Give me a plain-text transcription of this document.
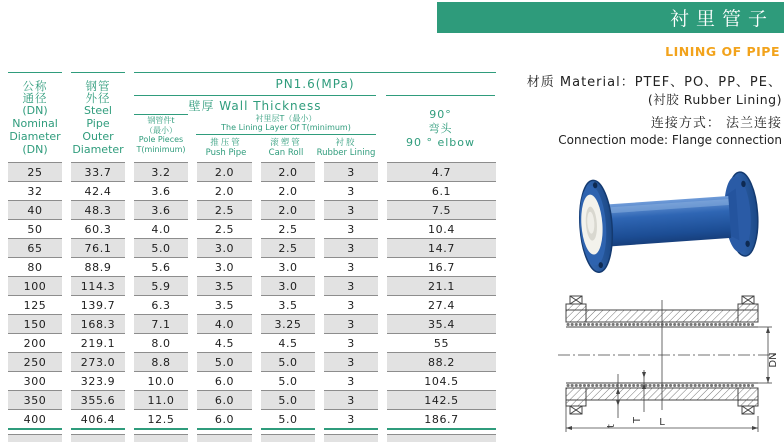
衬里管子
LINING OF PIPE
材质 Material：PTEF、PO、PP、PE、
(衬胶 Rubber Lining)
连接方式： 法兰连接
Connection mode: Flange connection
公称
通径
(DN)
Nominal
Diameter
(DN)
钢管
外径
Steel Pipe
Outer
Diameter
PN1.6(MPa)
壁厚 Wall Thickness
钢管件t
（最小）
Pole Pieces
T(minimum)
衬里层T（最小）
The Lining Layer Of T(minimum)
推压管
Push Pipe
滚塑管
Can Roll
衬胶
Rubber Lining
90°
弯头
90 ° elbow
25	33.7	3.2	2.0	2.0	3	4.7
32	42.4	3.6	2.0	2.0	3	6.1
40	48.3	3.6	2.5	2.0	3	7.5
50	60.3	4.0	2.5	2.5	3	10.4
65	76.1	5.0	3.0	2.5	3	14.7
80	88.9	5.6	3.0	3.0	3	16.7
100	114.3	5.9	3.5	3.0	3	21.1
125	139.7	6.3	3.5	3.5	3	27.4
150	168.3	7.1	4.0	3.25	3	35.4
200	219.1	8.0	4.5	4.5	3	55
250	273.0	8.8	5.0	5.0	3	88.2
300	323.9	10.0	6.0	5.0	3	104.5
350	355.6	11.0	6.0	5.0	3	142.5
400	406.4	12.5	6.0	5.0	3	186.7
DN
t
T L
